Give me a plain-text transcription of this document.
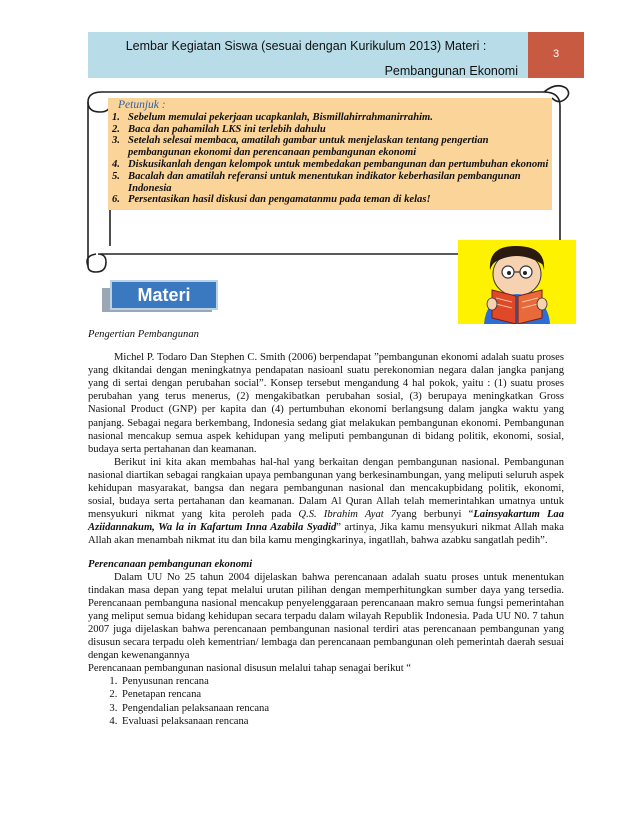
Lembar Kegiatan Siswa (sesuai dengan Kurikulum 2013) Materi :
Pembangunan Ekonomi
3
Petunjuk :
1. Sebelum memulai pekerjaan ucapkanlah, Bismillahirrahmanirrahim.
2. Baca dan pahamilah LKS ini terlebih dahulu
3. Setelah selesai membaca, amatilah gambar untuk menjelaskan tentang pengertian pembangunan ekonomi dan perencanaan pembangunan ekonomi
4. Diskusikanlah dengan kelompok untuk membedakan pembangunan dan pertumbuhan ekonomi
5. Bacalah dan amatilah referansi untuk menentukan indikator keberhasilan pembangunan Indonesia
6. Persentasikan hasil diskusi dan pengamatanmu pada teman di kelas!
Materi
Pengertian Pembangunan

Michel P. Todaro Dan Stephen C. Smith (2006) berpendapat ”pembangunan ekonomi adalah suatu proses yang dkitandai dengan meningkatnya pendapatan nasioanl suatu perekonomian negara dalan jangka panjang yang di sertai dengan perubahan social”. Konsep tersebut mengandung 4 hal pokok, yaitu : (1) suatu proses perubahan yang terus menerus, (2) mengakibatkan perubahan sosial, (3) berupaya meningkatkan Gross Nasional Product (GNP) per kapita dan (4) pertumbuhan ekonomi berlangsung dalam jangka waktu yang panjang. Sebagai negara berkembang, Indonesia sedang giat melakukan pembangunan ekonomi. Pembangunan nasional mencakup semua aspek kehidupan yang meliputi pembangunan di bidang politik, ekonomi, sosial, budaya serta pertahanan dan keamanan.

Berikut ini kita akan membahas hal-hal yang berkaitan dengan pembangunan nasional. Pembangunan nasional diartikan sebagai rangkaian upaya pembangunan yang berkesinambungan, yang meliputi seluruh aspek kehidupan masyarakat, bangsa dan negara pembangunan nasional dan mencakupbidang politik, ekonomi, sosial, budaya serta pertahanan dan keamanan. Dalam Al Quran Allah telah memerintahkan umatnya untuk mensyukuri nikmat yang kita peroleh pada Q.S. Ibrahim Ayat 7yang berbunyi “Lainsyakartum Laa Aziidannakum, Wa la in Kafartum Inna Azabila Syadid” artinya, Jika kamu mensyukuri nikmat Allah maka Allah akan menambah nikmat itu dan bila kamu mengingkarinya, ingatllah, bahwa azabku sangatlah pedih”.

Perencanaan pembangunan ekonomi

Dalam UU No 25 tahun 2004 dijelaskan bahwa perencanaan adalah suatu proses untuk menentukan tindakan masa depan yang tepat melalui urutan pilihan dengan memperhitungkan sumber daya yang tersedia. Perencanaan pembanguna nasional mencakup penyelenggaraan perencanaan makro semua fungsi pemerintahan yang meliput semua bidang kehidupan secara terpadu dalam wilayah Republik Indonesia. Pada UU N0. 7 tahun 2007 juga dijelaskan bahwa perencanaan pembangunan nasional terdiri atas perencanaan pembangunan yang disusun secara terpadu oleh kementrian/ lembaga dan perencanaan pembangunan oleh pemerintah daerah sesuai dengan kewenangannya

Perencanaan pembangunan nasional disusun melalui tahap senagai berikut “
1. Penyusunan rencana
2. Penetapan rencana
3. Pengendalian pelaksanaan rencana
4. Evaluasi pelaksanaan rencana
